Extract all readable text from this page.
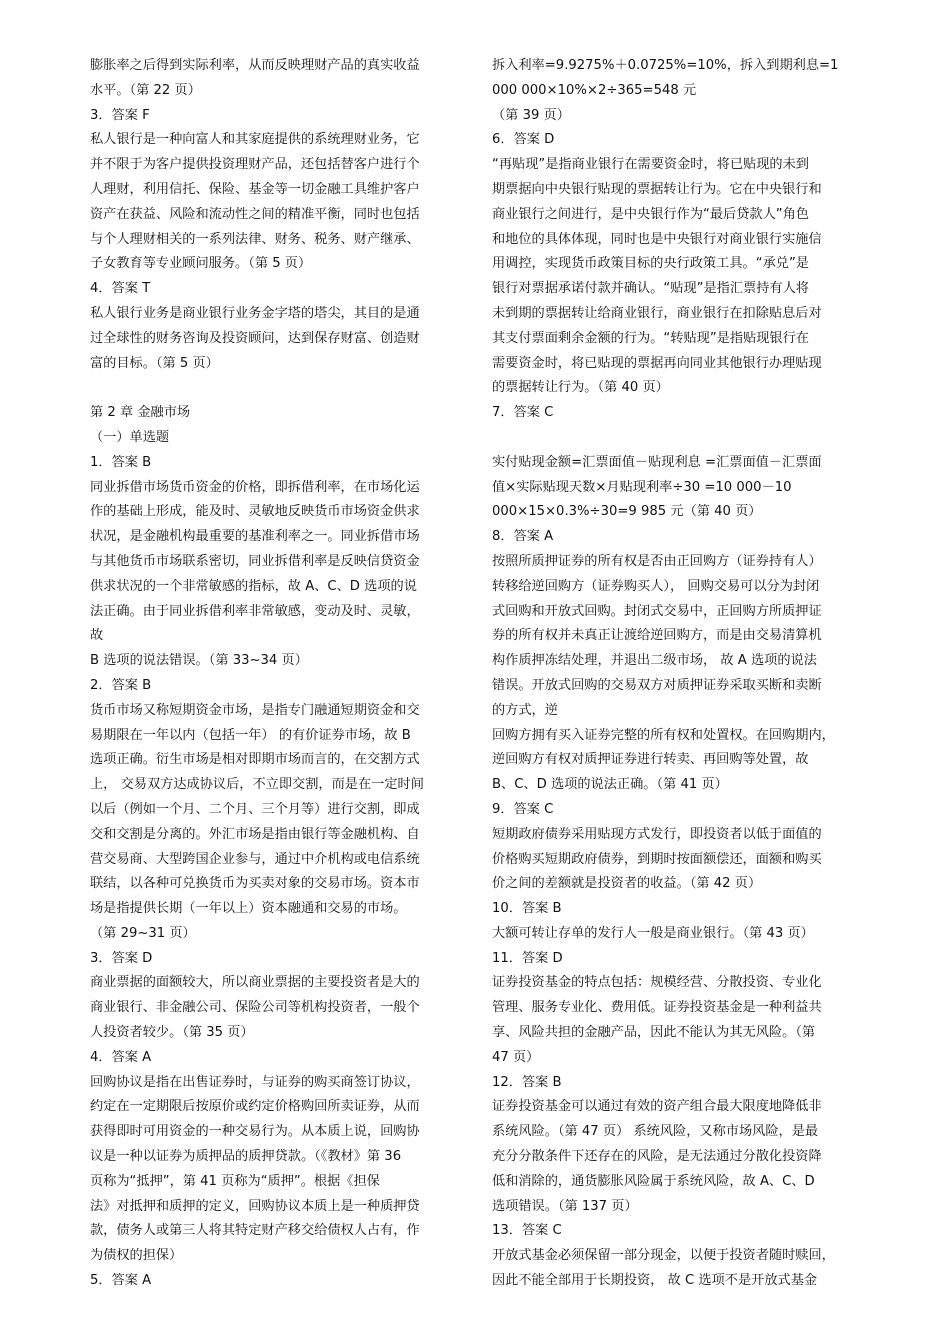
膨胀率之后得到实际利率，从而反映理财产品的真实收益
水平。（第 22 页）
3．答案 F
私人银行是一种向富人和其家庭提供的系统理财业务，它
并不限于为客户提供投资理财产品，还包括替客户进行个
人理财，利用信托、保险、基金等一切金融工具维护客户
资产在获益、风险和流动性之间的精准平衡，同时也包括
与个人理财相关的一系列法律、财务、税务、财产继承、
子女教育等专业顾问服务。（第 5 页）
4．答案 T
私人银行业务是商业银行业务金字塔的塔尖，其目的是通
过全球性的财务咨询及投资顾问，达到保存财富、创造财
富的目标。（第 5 页）
第 2 章 金融市场
（一）单选题
1．答案 B
同业拆借市场货币资金的价格，即拆借利率，在市场化运
作的基础上形成，能及时、灵敏地反映货币市场资金供求
状况，是金融机构最重要的基准利率之一。同业拆借市场
与其他货币市场联系密切，同业拆借利率是反映信贷资金
供求状况的一个非常敏感的指标，故 A、C、D 选项的说
法正确。由于同业拆借利率非常敏感，变动及时、灵敏，
故
B 选项的说法错误。（第 33~34 页）
2．答案 B
货币市场又称短期资金市场，是指专门融通短期资金和交
易期限在一年以内（包括一年） 的有价证券市场，故 B
选项正确。衍生市场是相对即期市场而言的，在交割方式
上， 交易双方达成协议后，不立即交割，而是在一定时间
以后（例如一个月、二个月、三个月等）进行交割，即成
交和交割是分离的。外汇市场是指由银行等金融机构、自
营交易商、大型跨国企业参与，通过中介机构或电信系统
联结，以各种可兑换货币为买卖对象的交易市场。资本市
场是指提供长期（一年以上）资本融通和交易的市场。
（第 29~31 页）
3．答案 D
商业票据的面额较大，所以商业票据的主要投资者是大的
商业银行、非金融公司、保险公司等机构投资者，一般个
人投资者较少。（第 35 页）
4．答案 A
回购协议是指在出售证券时，与证券的购买商签订协议，
约定在一定期限后按原价或约定价格购回所卖证券，从而
获得即时可用资金的一种交易行为。从本质上说，回购协
议是一种以证券为质押品的质押贷款。（《教材》第 36
页称为“抵押”，第 41 页称为“质押”。根据《担保
法》对抵押和质押的定义，回购协议本质上是一种质押贷
款，债务人或第三人将其特定财产移交给债权人占有，作
为债权的担保）
5．答案 A
拆入利率=9.9275%＋0.0725%=10%，拆入到期利息=1
000 000×10%×2÷365=548 元
（第 39 页）
6．答案 D
“再贴现”是指商业银行在需要资金时，将已贴现的未到
期票据向中央银行贴现的票据转让行为。它在中央银行和
商业银行之间进行，是中央银行作为“最后贷款人”角色
和地位的具体体现，同时也是中央银行对商业银行实施信
用调控，实现货币政策目标的央行政策工具。“承兑”是
银行对票据承诺付款并确认。“贴现”是指汇票持有人将
未到期的票据转让给商业银行，商业银行在扣除贴息后对
其支付票面剩余金额的行为。“转贴现”是指贴现银行在
需要资金时，将已贴现的票据再向同业其他银行办理贴现
的票据转让行为。（第 40 页）
7．答案 C
实付贴现金额=汇票面值－贴现利息 =汇票面值－汇票面
值×实际贴现天数×月贴现利率÷30 =10 000－10
000×15×0.3%÷30=9 985 元（第 40 页）
8．答案 A
按照所质押证券的所有权是否由正回购方（证券持有人）
转移给逆回购方（证券购买人）， 回购交易可以分为封闭
式回购和开放式回购。封闭式交易中，正回购方所质押证
券的所有权并未真正让渡给逆回购方，而是由交易清算机
构作质押冻结处理，并退出二级市场， 故 A 选项的说法
错误。开放式回购的交易双方对质押证券采取买断和卖断
的方式，逆
回购方拥有买入证券完整的所有权和处置权。在回购期内，
逆回购方有权对质押证券进行转卖、再回购等处置，故
B、C、D 选项的说法正确。（第 41 页）
9．答案 C
短期政府债券采用贴现方式发行，即投资者以低于面值的
价格购买短期政府债券，到期时按面额偿还，面额和购买
价之间的差额就是投资者的收益。（第 42 页）
10．答案 B
大额可转让存单的发行人一般是商业银行。（第 43 页）
11．答案 D
证券投资基金的特点包括：规模经营、分散投资、专业化
管理、服务专业化、费用低。证券投资基金是一种利益共
享、风险共担的金融产品，因此不能认为其无风险。（第
47 页）
12．答案 B
证券投资基金可以通过有效的资产组合最大限度地降低非
系统风险。（第 47 页） 系统风险，又称市场风险，是最
充分分散条件下还存在的风险，是无法通过分散化投资降
低和消除的，通货膨胀风险属于系统风险，故 A、C、D
选项错误。（第 137 页）
13．答案 C
开放式基金必须保留一部分现金，以便于投资者随时赎回，
因此不能全部用于长期投资， 故 C 选项不是开放式基金
